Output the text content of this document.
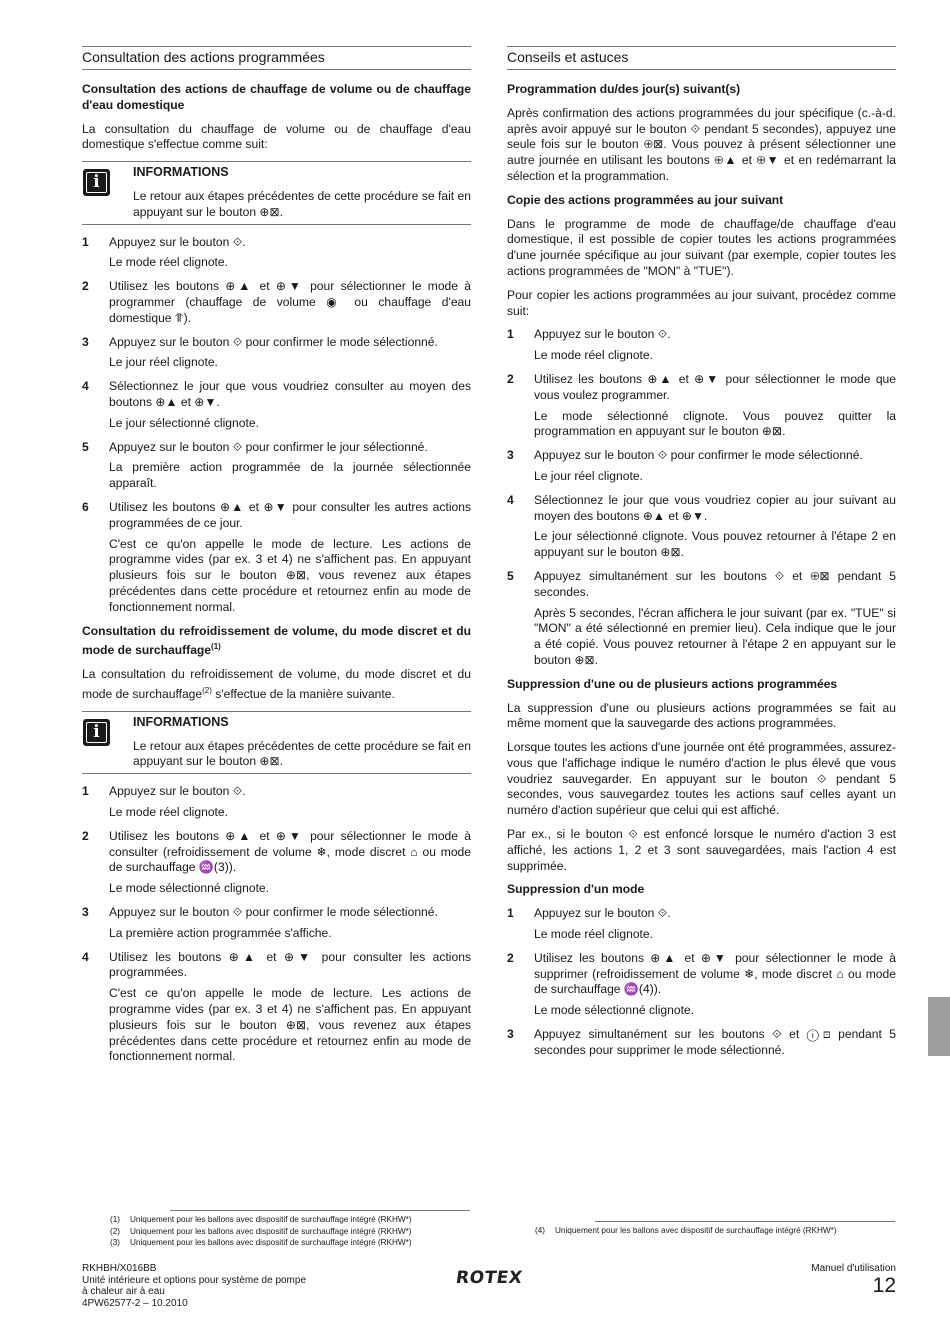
Consultation des actions programmées

Consultation des actions de chauffage de volume ou de chauffage d'eau domestique

La consultation du chauffage de volume ou de chauffage d'eau domestique s'effectue comme suit:

i	INFORMATIONS

Le retour aux étapes précédentes de cette procédure se fait en appuyant sur le bouton ⊕⊠.

1	Appuyez sur le bouton ⟐.

Le mode réel clignote.

2	Utilisez les boutons ⊕▲ et ⊕▼ pour sélectionner le mode à programmer (chauffage de volume ◉ ou chauffage d'eau domestique ⥣).

3	Appuyez sur le bouton ⟐ pour confirmer le mode sélectionné.

Le jour réel clignote.

4	Sélectionnez le jour que vous voudriez consulter au moyen des boutons ⊕▲ et ⊕▼.

Le jour sélectionné clignote.

5	Appuyez sur le bouton ⟐ pour confirmer le jour sélectionné.

La première action programmée de la journée sélectionnée apparaît.

6	Utilisez les boutons ⊕▲ et ⊕▼ pour consulter les autres actions programmées de ce jour.

C'est ce qu'on appelle le mode de lecture. Les actions de programme vides (par ex. 3 et 4) ne s'affichent pas. En appuyant plusieurs fois sur le bouton ⊕⊠, vous revenez aux étapes précédentes dans cette procédure et retournez enfin au mode de fonctionnement normal.

Consultation du refroidissement de volume, du mode discret et du mode de surchauffage$^{(1)}$

La consultation du refroidissement de volume, du mode discret et du mode de surchauffage$^{(2)}$ s'effectue de la manière suivante.

i	INFORMATIONS

Le retour aux étapes précédentes de cette procédure se fait en appuyant sur le bouton ⊕⊠.

1	Appuyez sur le bouton ⟐.

Le mode réel clignote.

2	Utilisez les boutons ⊕▲ et ⊕▼ pour sélectionner le mode à consulter (refroidissement de volume ❄, mode discret ⌂ ou mode de surchauffage ♒(3)).

Le mode sélectionné clignote.

3	Appuyez sur le bouton ⟐ pour confirmer le mode sélectionné.

La première action programmée s'affiche.

4	Utilisez les boutons ⊕▲ et ⊕▼ pour consulter les actions programmées.

C'est ce qu'on appelle le mode de lecture. Les actions de programme vides (par ex. 3 et 4) ne s'affichent pas. En appuyant plusieurs fois sur le bouton ⊕⊠, vous revenez aux étapes précédentes dans cette procédure et retournez enfin au mode de fonctionnement normal.

Conseils et astuces

Programmation du/des jour(s) suivant(s)

Après confirmation des actions programmées du jour spécifique (c.-à-d. après avoir appuyé sur le bouton ⟐ pendant 5 secondes), appuyez une seule fois sur le bouton ⊕⊠. Vous pouvez à présent sélectionner une autre journée en utilisant les boutons ⊕▲ et ⊕▼ et en redémarrant la sélection et la programmation.

Copie des actions programmées au jour suivant

Dans le programme de mode de chauffage/de chauffage d'eau domestique, il est possible de copier toutes les actions programmées d'une journée spécifique au jour suivant (par exemple, copier toutes les actions programmées de "MON" à "TUE").

Pour copier les actions programmées au jour suivant, procédez comme suit:

1	Appuyez sur le bouton ⟐.

Le mode réel clignote.

2	Utilisez les boutons ⊕▲ et ⊕▼ pour sélectionner le mode que vous voulez programmer.

Le mode sélectionné clignote. Vous pouvez quitter la programmation en appuyant sur le bouton ⊕⊠.

3	Appuyez sur le bouton ⟐ pour confirmer le mode sélectionné.

Le jour réel clignote.

4	Sélectionnez le jour que vous voudriez copier au jour suivant au moyen des boutons ⊕▲ et ⊕▼.

Le jour sélectionné clignote. Vous pouvez retourner à l'étape 2 en appuyant sur le bouton ⊕⊠.

5	Appuyez simultanément sur les boutons ⟐ et ⊕⊠ pendant 5 secondes.

Après 5 secondes, l'écran affichera le jour suivant (par ex. "TUE" si "MON" a été sélectionné en premier lieu). Cela indique que le jour a été copié. Vous pouvez retourner à l'étape 2 en appuyant sur le bouton ⊕⊠.

Suppression d'une ou de plusieurs actions programmées

La suppression d'une ou plusieurs actions programmées se fait au même moment que la sauvegarde des actions programmées.

Lorsque toutes les actions d'une journée ont été programmées, assurez-vous que l'affichage indique le numéro d'action le plus élevé que vous voudriez sauvegarder. En appuyant sur le bouton ⟐ pendant 5 secondes, vous sauvegardez toutes les actions sauf celles ayant un numéro d'action supérieur que celui qui est affiché.

Par ex., si le bouton ⟐ est enfoncé lorsque le numéro d'action 3 est affiché, les actions 1, 2 et 3 sont sauvegardées, mais l'action 4 est supprimée.

Suppression d'un mode

1	Appuyez sur le bouton ⟐.

Le mode réel clignote.

2	Utilisez les boutons ⊕▲ et ⊕▼ pour sélectionner le mode à supprimer (refroidissement de volume ❄, mode discret ⌂ ou mode de surchauffage ♒(4)).

Le mode sélectionné clignote.

3	Appuyez simultanément sur les boutons ⟐ et ⓘ⊡ pendant 5 secondes pour supprimer le mode sélectionné.

(1)	Uniquement pour les ballons avec dispositif de surchauffage intégré (RKHW*)
(2)	Uniquement pour les ballons avec dispositif de surchauffage intégré (RKHW*)
(3)	Uniquement pour les ballons avec dispositif de surchauffage intégré (RKHW*)
(4)	Uniquement pour les ballons avec dispositif de surchauffage intégré (RKHW*)
RKHBH/X016BB
Unité intérieure et options pour système de pompe
à chaleur air à eau
4PW62577-2 – 10.2010
ROTEX	Manuel d'utilisation
12
